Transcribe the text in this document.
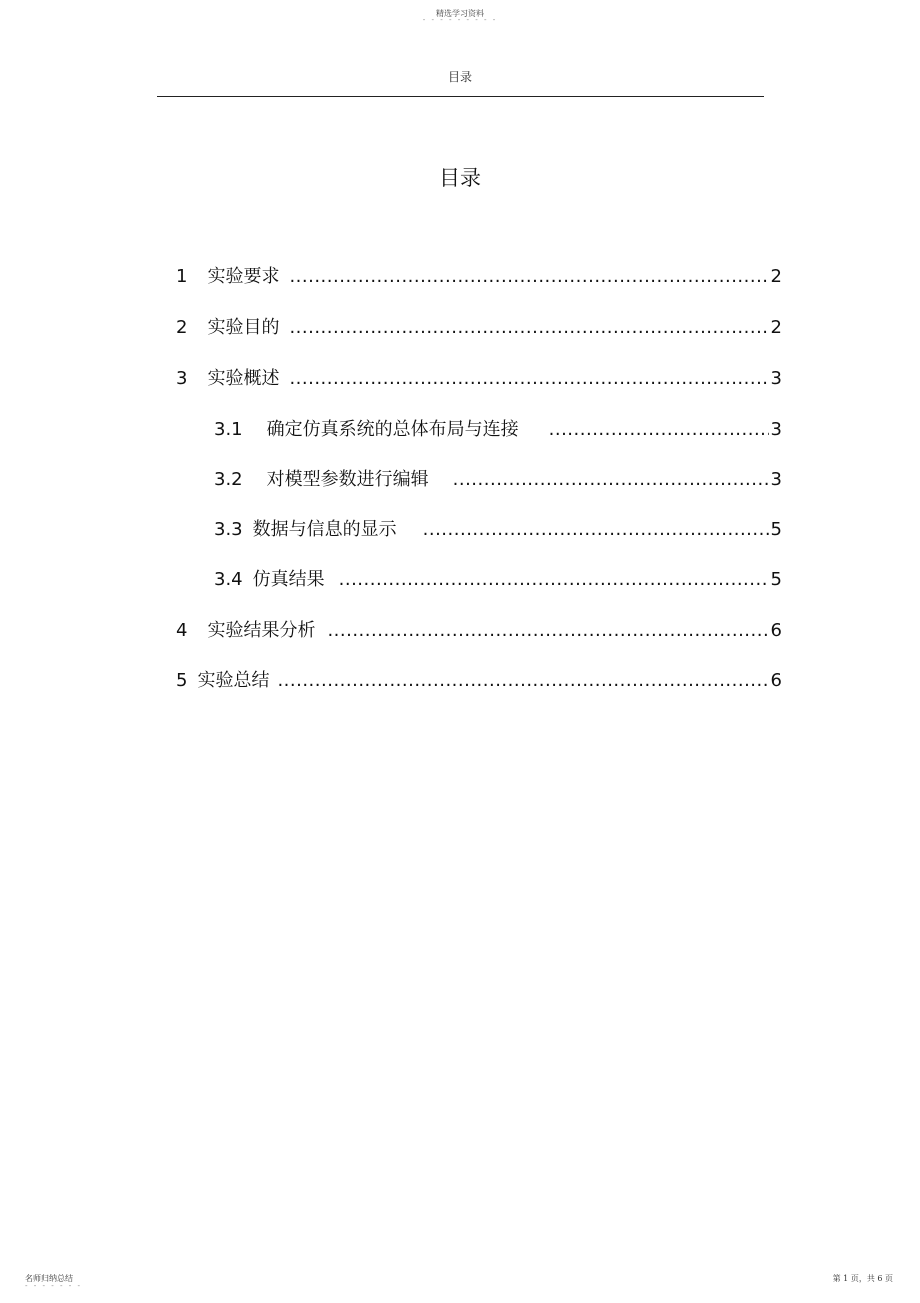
精选学习资料
- - - - - - - - -
目录
目录
1 实验要求 .....	2
2 实验目的 .....	2
3 实验概述 .....	3
3.1 确定仿真系统的总体布局与连接 .....	3
3.2 对模型参数进行编辑 .....	3
3.3 数据与信息的显示 .....	5
3.4 仿真结果 .....	5
4 实验结果分析 .....	6
5 实验总结 .....	6
名师归纳总结
- - - - - - -
第 1 页，共 6 页
